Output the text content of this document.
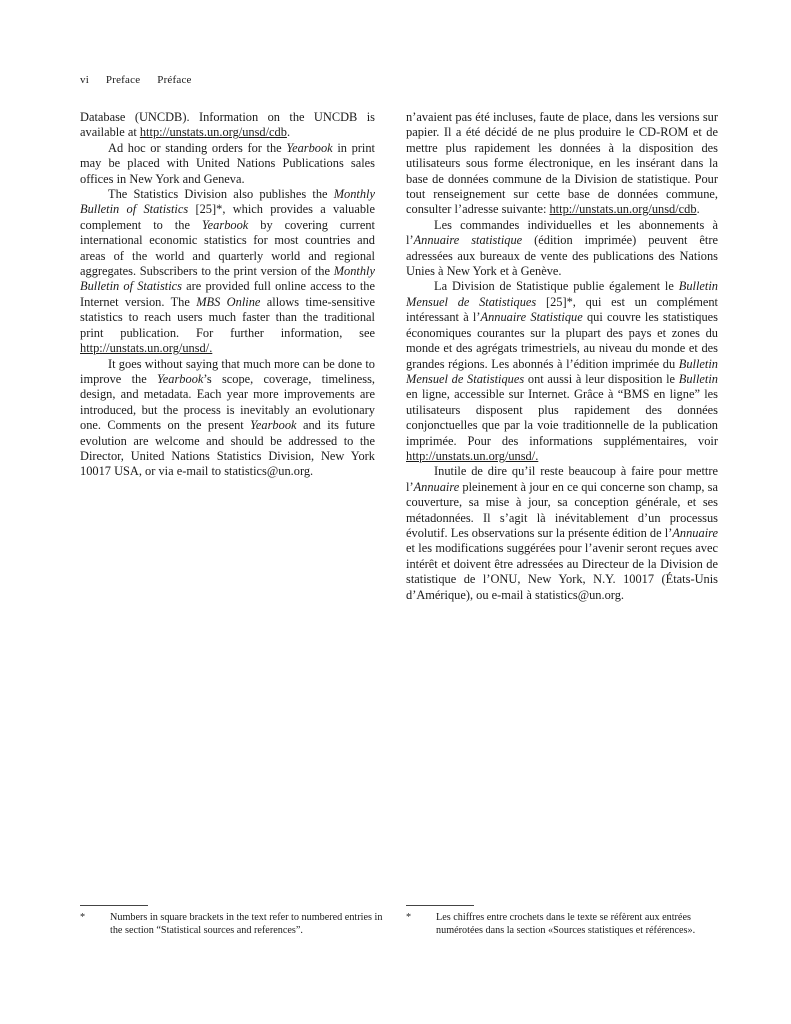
vi Preface Préface

Database (UNCDB). Information on the UNCDB is available at http://unstats.un.org/unsd/cdb.

Ad hoc or standing orders for the Yearbook in print may be placed with United Nations Publications sales offices in New York and Geneva.

The Statistics Division also publishes the Monthly Bulletin of Statistics [25]*, which provides a valuable complement to the Yearbook by covering current international economic statistics for most countries and areas of the world and quarterly world and regional aggregates. Subscribers to the print version of the Monthly Bulletin of Statistics are provided full online access to the Internet version. The MBS Online allows time-sensitive statistics to reach users much faster than the traditional print publication. For further information, see http://unstats.un.org/unsd/.

It goes without saying that much more can be done to improve the Yearbook’s scope, coverage, timeliness, design, and metadata. Each year more improvements are introduced, but the process is inevitably an evolutionary one. Comments on the present Yearbook and its future evolution are welcome and should be addressed to the Director, United Nations Statistics Division, New York 10017 USA, or via e-mail to statistics@un.org.

n’avaient pas été incluses, faute de place, dans les versions sur papier. Il a été décidé de ne plus produire le CD-ROM et de mettre plus rapidement les données à la disposition des utilisateurs sous forme électronique, en les insérant dans la base de données commune de la Division de statistique. Pour tout renseignement sur cette base de données commune, consulter l’adresse suivante: http://unstats.un.org/unsd/cdb.

Les commandes individuelles et les abonnements à l’Annuaire statistique (édition imprimée) peuvent être adressées aux bureaux de vente des publications des Nations Unies à New York et à Genève.

La Division de Statistique publie également le Bulletin Mensuel de Statistiques [25]*, qui est un complément intéressant à l’Annuaire Statistique qui couvre les statistiques économiques courantes sur la plupart des pays et zones du monde et des agrégats trimestriels, au niveau du monde et des grandes régions. Les abonnés à l’édition imprimée du Bulletin Mensuel de Statistiques ont aussi à leur disposition le Bulletin en ligne, accessible sur Internet. Grâce à “BMS en ligne” les utilisateurs disposent plus rapidement des données conjonctuelles que par la voie traditionnelle de la publication imprimée. Pour des informations supplémentaires, voir http://unstats.un.org/unsd/.

Inutile de dire qu’il reste beaucoup à faire pour mettre l’Annuaire pleinement à jour en ce qui concerne son champ, sa couverture, sa mise à jour, sa conception générale, et ses métadonnées. Il s’agit là inévitablement d’un processus évolutif. Les observations sur la présente édition de l’Annuaire et les modifications suggérées pour l’avenir seront reçues avec intérêt et doivent être adressées au Directeur de la Division de statistique de l’ONU, New York, N.Y. 10017 (États-Unis d’Amérique), ou e-mail à statistics@un.org.

* Numbers in square brackets in the text refer to numbered entries in the section “Statistical sources and references”.
* Les chiffres entre crochets dans le texte se réfèrent aux entrées numérotées dans la section «Sources statistiques et références».
